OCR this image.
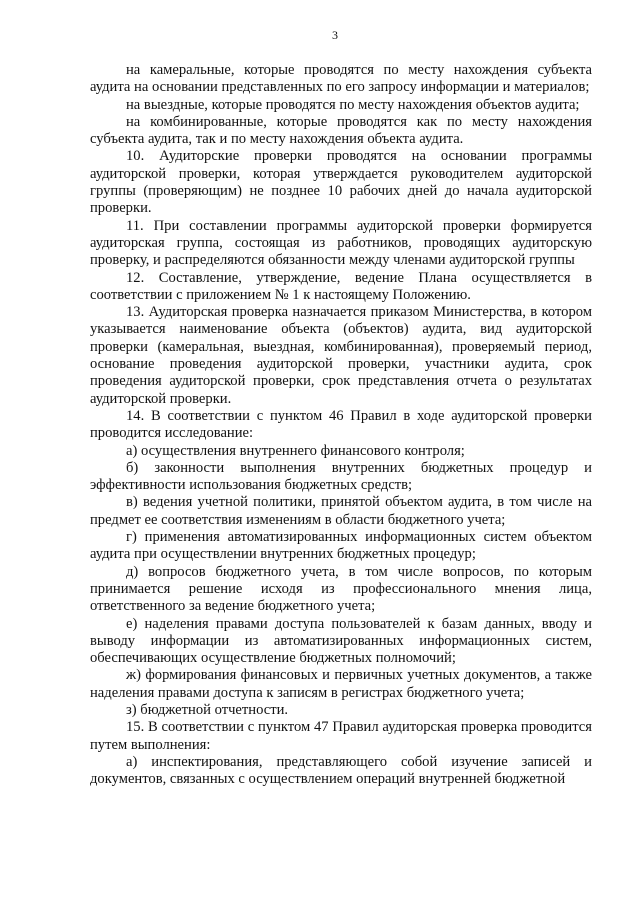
3

на камеральные, которые проводятся по месту нахождения субъекта аудита на основании представленных по его запросу информации и материалов;

на выездные, которые проводятся по месту нахождения объектов аудита;

на комбинированные, которые проводятся как по месту нахождения субъекта аудита, так и по месту нахождения объекта аудита.

10. Аудиторские проверки проводятся на основании программы аудиторской проверки, которая утверждается руководителем аудиторской группы (проверяющим) не позднее 10 рабочих дней до начала аудиторской проверки.

11. При составлении программы аудиторской проверки формируется аудиторская группа, состоящая из работников, проводящих аудиторскую проверку, и распределяются обязанности между членами аудиторской группы

12. Составление, утверждение, ведение Плана осуществляется в соответствии с приложением № 1 к настоящему Положению.

13. Аудиторская проверка назначается приказом Министерства, в котором указывается наименование объекта (объектов) аудита, вид аудиторской проверки (камеральная, выездная, комбинированная), проверяемый период, основание проведения аудиторской проверки, участники аудита, срок проведения аудиторской проверки, срок представления отчета о результатах аудиторской проверки.

14. В соответствии с пунктом 46 Правил в ходе аудиторской проверки проводится исследование:

а) осуществления внутреннего финансового контроля;

б) законности выполнения внутренних бюджетных процедур и эффективности использования бюджетных средств;

в) ведения учетной политики, принятой объектом аудита, в том числе на предмет ее соответствия изменениям в области бюджетного учета;

г) применения автоматизированных информационных систем объектом аудита при осуществлении внутренних бюджетных процедур;

д) вопросов бюджетного учета, в том числе вопросов, по которым принимается решение исходя из профессионального мнения лица, ответственного за ведение бюджетного учета;

е) наделения правами доступа пользователей к базам данных, вводу и выводу информации из автоматизированных информационных систем, обеспечивающих осуществление бюджетных полномочий;

ж) формирования финансовых и первичных учетных документов, а также наделения правами доступа к записям в регистрах бюджетного учета;

з) бюджетной отчетности.

15. В соответствии с пунктом 47 Правил аудиторская проверка проводится путем выполнения:

а) инспектирования, представляющего собой изучение записей и документов, связанных с осуществлением операций внутренней бюджетной
